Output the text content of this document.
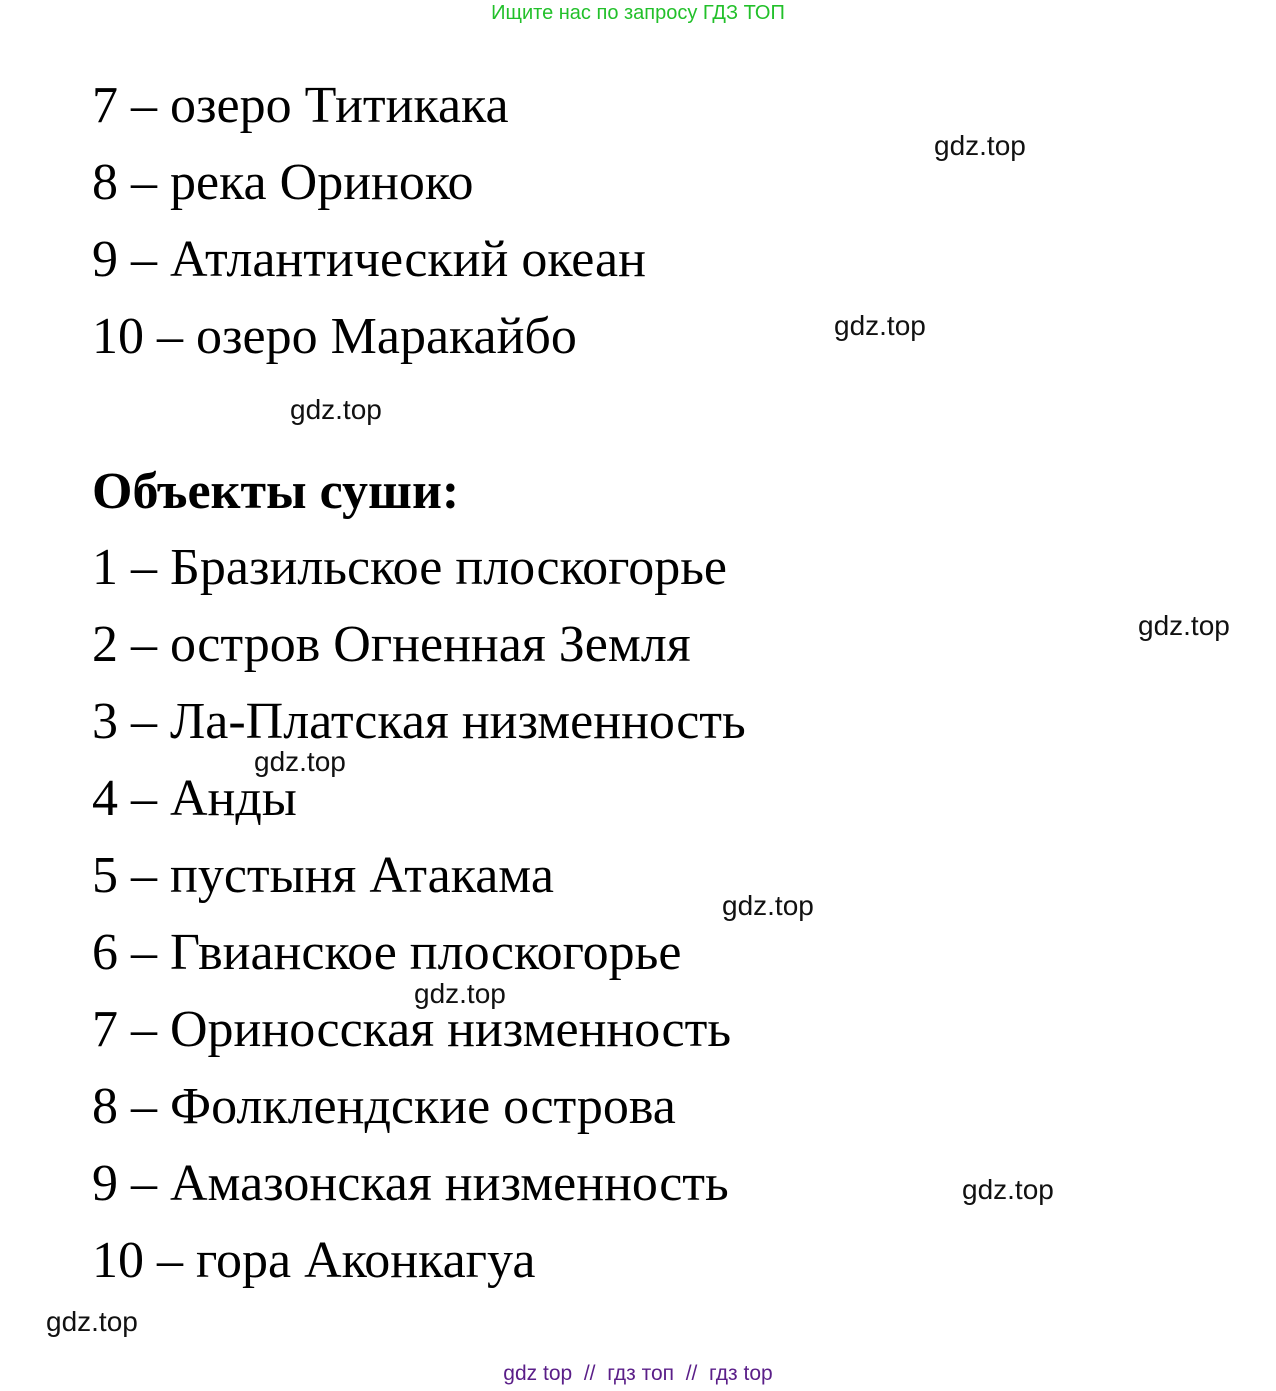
Ищите нас по запросу ГДЗ ТОП
7 – озеро Титикака
8 – река Ориноко
9 – Атлантический океан
10 – озеро Маракайбо
Объекты суши:
1 – Бразильское плоскогорье
2 – остров Огненная Земля
3 – Ла-Платская низменность
4 – Анды
5 – пустыня Атакама
6 – Гвианское плоскогорье
7 – Ориносская низменность
8 – Фолклендские острова
9 – Амазонская низменность
10 – гора Аконкагуа
gdz.top
gdz.top
gdz.top
gdz.top
gdz.top
gdz.top
gdz.top
gdz.top
gdz.top
gdz top  //  гдз топ  //  гдз top
